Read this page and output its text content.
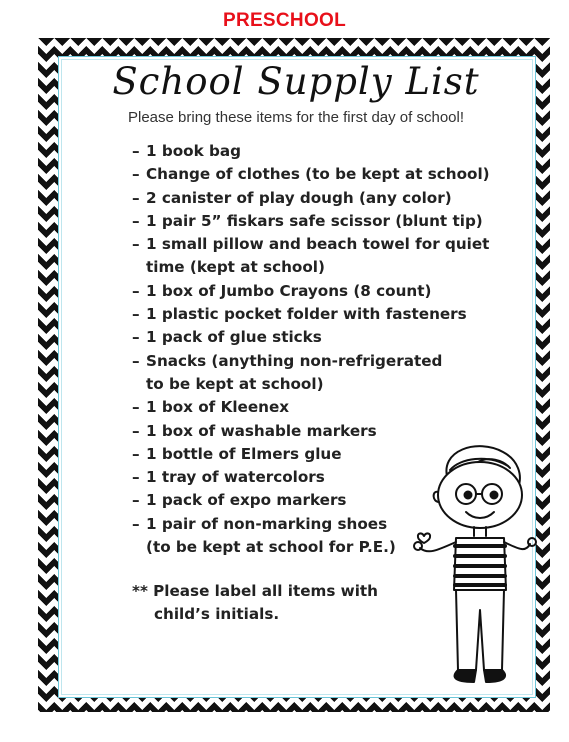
PRESCHOOL
School Supply List
Please bring these items for the first day of school!
– 1 book bag
– Change of clothes (to be kept at school)
– 2 canister of play dough (any color)
– 1 pair 5” fiskars safe scissor (blunt tip)
– 1 small pillow and beach towel for quiet
time (kept at school)
– 1 box of Jumbo Crayons (8 count)
– 1 plastic pocket folder with fasteners
– 1 pack of glue sticks
– Snacks (anything non-refrigerated
to be kept at school)
– 1 box of Kleenex
– 1 box of washable markers
– 1 bottle of Elmers glue
– 1 tray of watercolors
– 1 pack of expo markers
– 1 pair of non-marking shoes
(to be kept at school for P.E.)
** Please label all items with
child’s initials.
